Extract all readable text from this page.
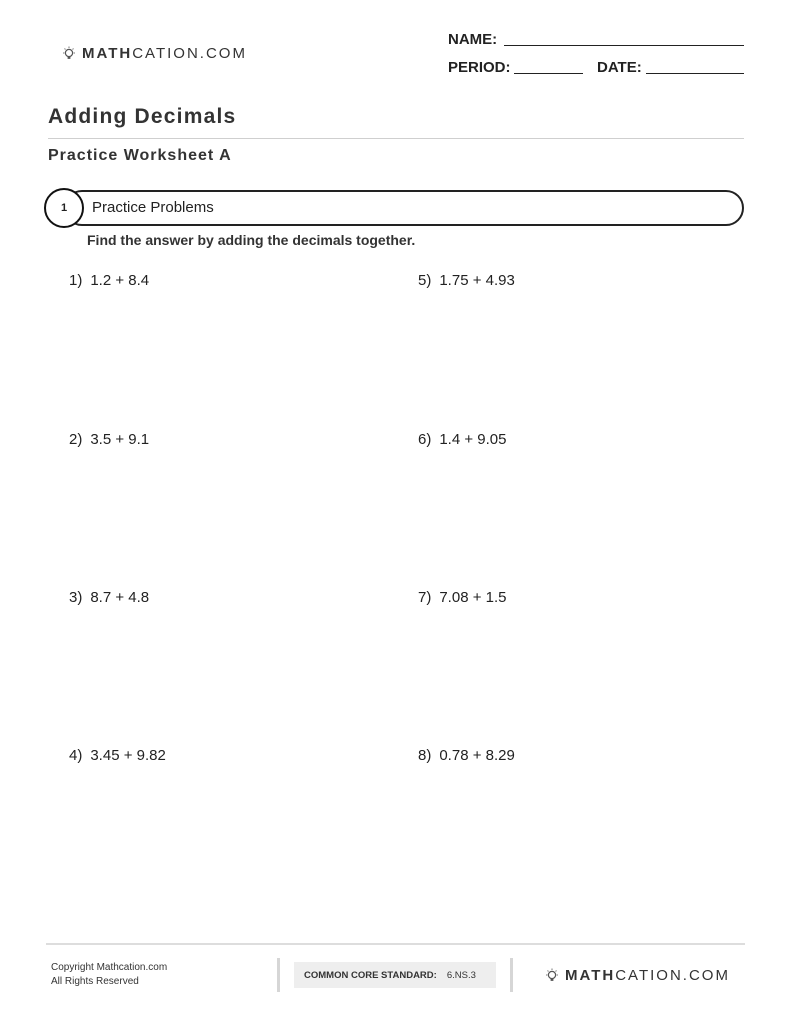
MATHCATION.COM
NAME:
PERIOD:	DATE:
Adding Decimals
Practice Worksheet A
1	Practice Problems
Find the answer by adding the decimals together.
1) 1.2 + 8.4
2) 3.5 + 9.1
3) 8.7 + 4.8
4) 3.45 + 9.82
5) 1.75 + 4.93
6) 1.4 + 9.05
7) 7.08 + 1.5
8) 0.78 + 8.29
Copyright Mathcation.com
All Rights Reserved
COMMON CORE STANDARD: 6.NS.3	MATHCATION.COM
